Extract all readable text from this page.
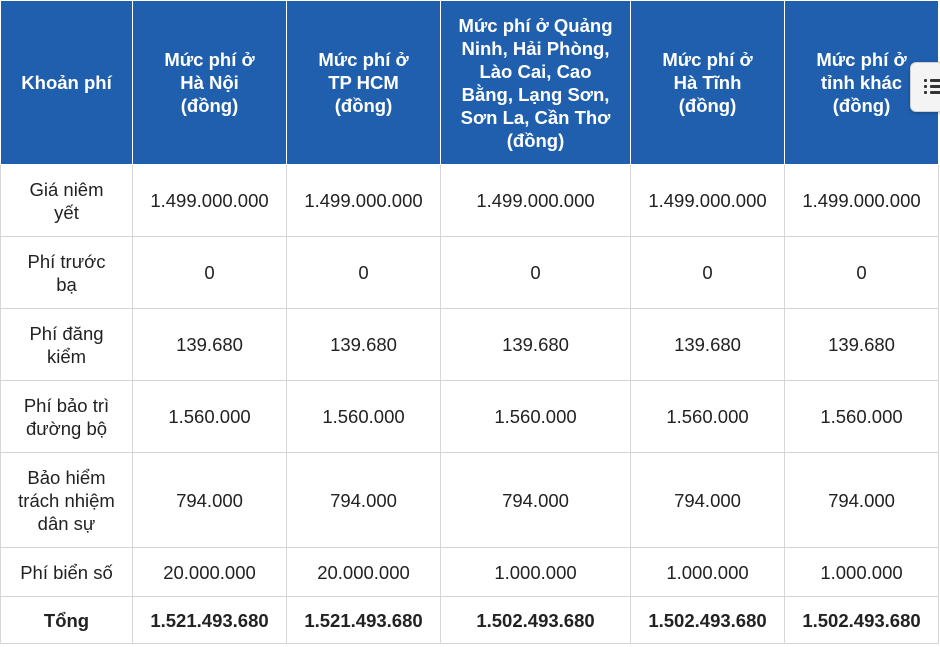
Khoản phí	Mức phí ở Hà Nội (đồng)	Mức phí ở TP HCM (đồng)	Mức phí ở Quảng Ninh, Hải Phòng, Lào Cai, Cao Bằng, Lạng Sơn, Sơn La, Cần Thơ (đồng)	Mức phí ở Hà Tĩnh (đồng)	Mức phí ở tỉnh khác (đồng)
Giá niêm yết	1.499.000.000	1.499.000.000	1.499.000.000	1.499.000.000	1.499.000.000
Phí trước bạ	0	0	0	0	0
Phí đăng kiểm	139.680	139.680	139.680	139.680	139.680
Phí bảo trì đường bộ	1.560.000	1.560.000	1.560.000	1.560.000	1.560.000
Bảo hiểm trách nhiệm dân sự	794.000	794.000	794.000	794.000	794.000
Phí biển số	20.000.000	20.000.000	1.000.000	1.000.000	1.000.000
Tổng	1.521.493.680	1.521.493.680	1.502.493.680	1.502.493.680	1.502.493.680
